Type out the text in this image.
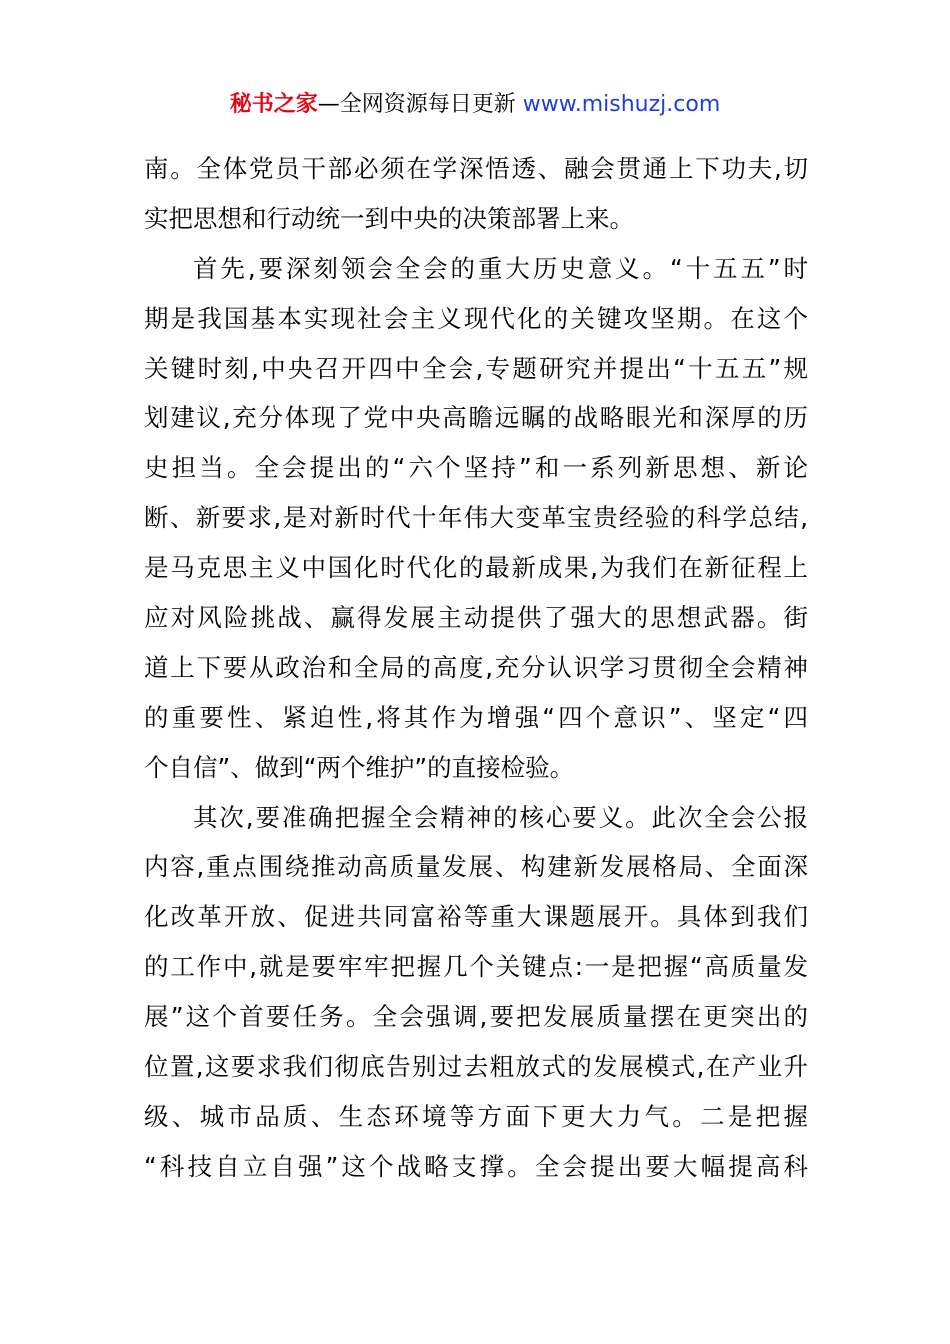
秘书之家—全网资源每日更新 www.mishuzj.com
南。全体党员干部必须在学深悟透、融会贯通上下功夫,切
实把思想和行动统一到中央的决策部署上来。
首先,要深刻领会全会的重大历史意义。“十五五”时
期是我国基本实现社会主义现代化的关键攻坚期。在这个
关键时刻,中央召开四中全会,专题研究并提出“十五五”规
划建议,充分体现了党中央高瞻远瞩的战略眼光和深厚的历
史担当。全会提出的“六个坚持”和一系列新思想、新论
断、新要求,是对新时代十年伟大变革宝贵经验的科学总结,
是马克思主义中国化时代化的最新成果,为我们在新征程上
应对风险挑战、赢得发展主动提供了强大的思想武器。街
道上下要从政治和全局的高度,充分认识学习贯彻全会精神
的重要性、紧迫性,将其作为增强“四个意识”、坚定“四
个自信”、做到“两个维护”的直接检验。
其次,要准确把握全会精神的核心要义。此次全会公报
内容,重点围绕推动高质量发展、构建新发展格局、全面深
化改革开放、促进共同富裕等重大课题展开。具体到我们
的工作中,就是要牢牢把握几个关键点:一是把握“高质量发
展”这个首要任务。全会强调,要把发展质量摆在更突出的
位置,这要求我们彻底告别过去粗放式的发展模式,在产业升
级、城市品质、生态环境等方面下更大力气。二是把握
“科技自立自强”这个战略支撑。全会提出要大幅提高科
